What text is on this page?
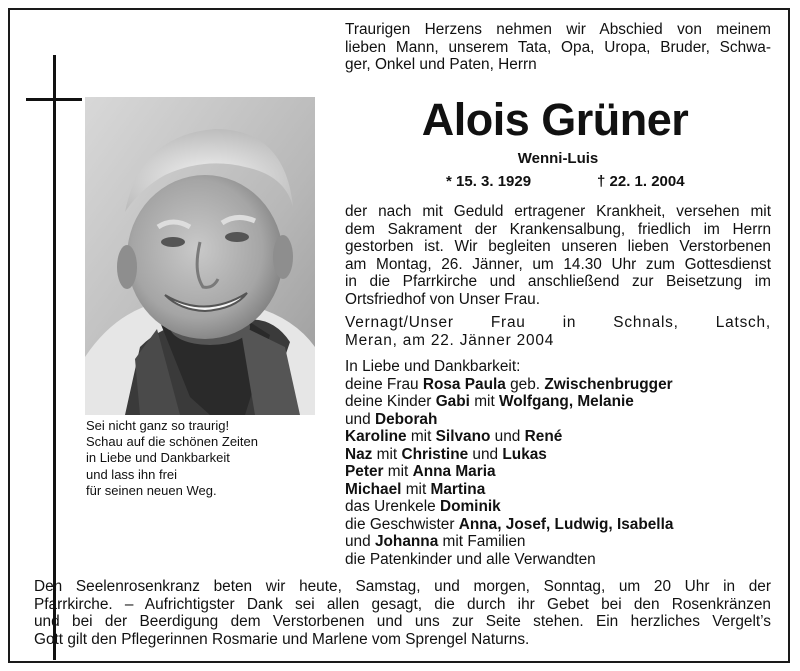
Sei nicht ganz so traurig!
Schau auf die schönen Zeiten
in Liebe und Dankbarkeit
und lass ihn frei
für seinen neuen Weg.
Traurigen Herzens nehmen wir Abschied von meinem
lieben Mann, unserem Tata, Opa, Uropa, Bruder, Schwa-
ger, Onkel und Paten, Herrn
Alois Grüner
Wenni-Luis
* 15. 3. 1929	† 22. 1. 2004
der nach mit Geduld ertragener Krankheit, versehen mit
dem Sakrament der Krankensalbung, friedlich im Herrn
gestorben ist. Wir begleiten unseren lieben Verstorbenen
am Montag, 26. Jänner, um 14.30 Uhr zum Gottesdienst
in die Pfarrkirche und anschließend zur Beisetzung im
Ortsfriedhof von Unser Frau.
Vernagt/Unser Frau in Schnals, Latsch,
Meran, am 22. Jänner 2004
In Liebe und Dankbarkeit:
deine Frau Rosa Paula geb. Zwischenbrugger
deine Kinder Gabi mit Wolfgang, Melanie
und Deborah
Karoline mit Silvano und René
Naz mit Christine und Lukas
Peter mit Anna Maria
Michael mit Martina
das Urenkele Dominik
die Geschwister Anna, Josef, Ludwig, Isabella
und Johanna mit Familien
die Patenkinder und alle Verwandten
Den Seelenrosenkranz beten wir heute, Samstag, und morgen, Sonntag, um 20 Uhr in der
Pfarrkirche. – Aufrichtigster Dank sei allen gesagt, die durch ihr Gebet bei den Rosenkränzen
und bei der Beerdigung dem Verstorbenen und uns zur Seite stehen. Ein herzliches Vergelt’s
Gott gilt den Pflegerinnen Rosmarie und Marlene vom Sprengel Naturns.
